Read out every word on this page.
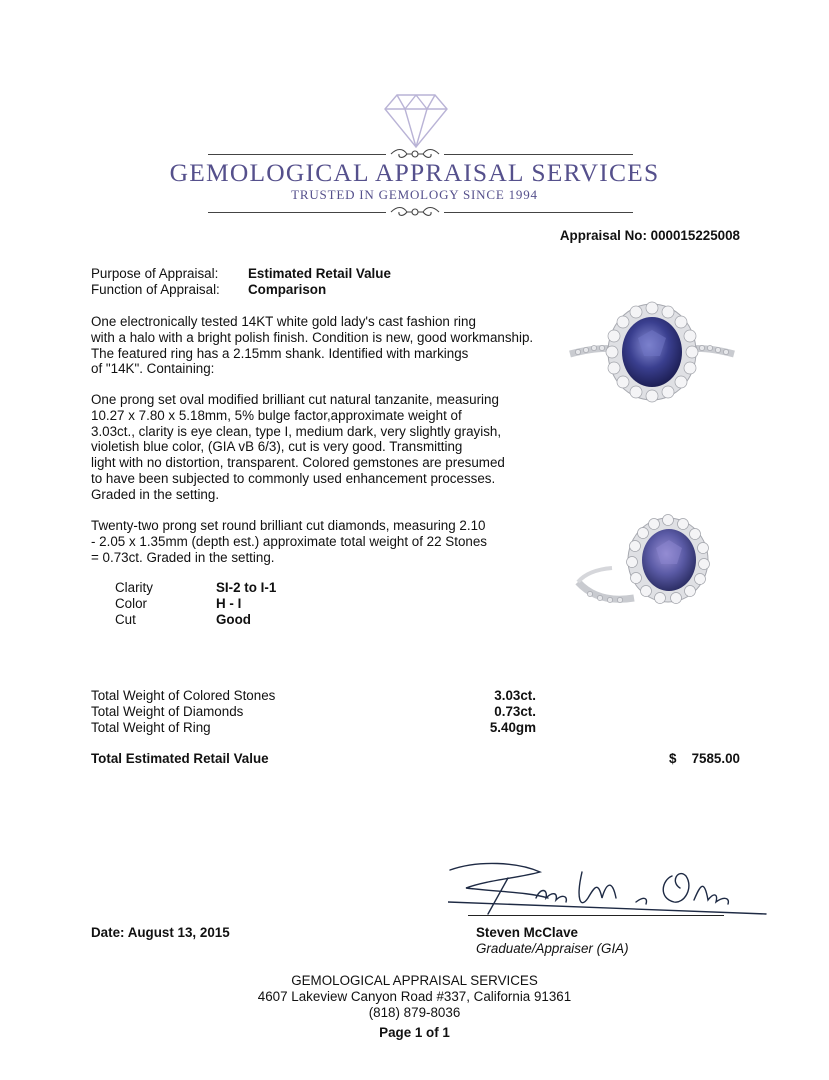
GEMOLOGICAL APPRAISAL SERVICES
TRUSTED IN GEMOLOGY SINCE 1994
Appraisal No: 000015225008
Purpose of Appraisal: Estimated Retail Value
Function of Appraisal: Comparison
One electronically tested 14KT white gold lady's cast fashion ring
with a halo with a bright polish finish. Condition is new, good workmanship.
The featured ring has a 2.15mm shank. Identified with markings
of "14K". Containing:
One prong set oval modified brilliant cut natural tanzanite, measuring
10.27 x 7.80 x 5.18mm, 5% bulge factor,approximate weight of
3.03ct., clarity is eye clean, type I, medium dark, very slightly grayish,
violetish blue color, (GIA vB 6/3), cut is very good. Transmitting
light with no distortion, transparent. Colored gemstones are presumed
to have been subjected to commonly used enhancement processes.
Graded in the setting.
Twenty-two prong set round brilliant cut diamonds, measuring 2.10
- 2.05 x 1.35mm (depth est.) approximate total weight of 22 Stones
= 0.73ct. Graded in the setting.
Clarity	SI-2 to I-1
Color	H - I
Cut	Good
Total Weight of Colored Stones	3.03ct.
Total Weight of Diamonds	0.73ct.
Total Weight of Ring	5.40gm
Total Estimated Retail Value	$ 7585.00
Date: August 13, 2015	Steven McClave
Graduate/Appraiser (GIA)
GEMOLOGICAL APPRAISAL SERVICES
4607 Lakeview Canyon Road #337, California 91361
(818) 879-8036
Page 1 of 1
